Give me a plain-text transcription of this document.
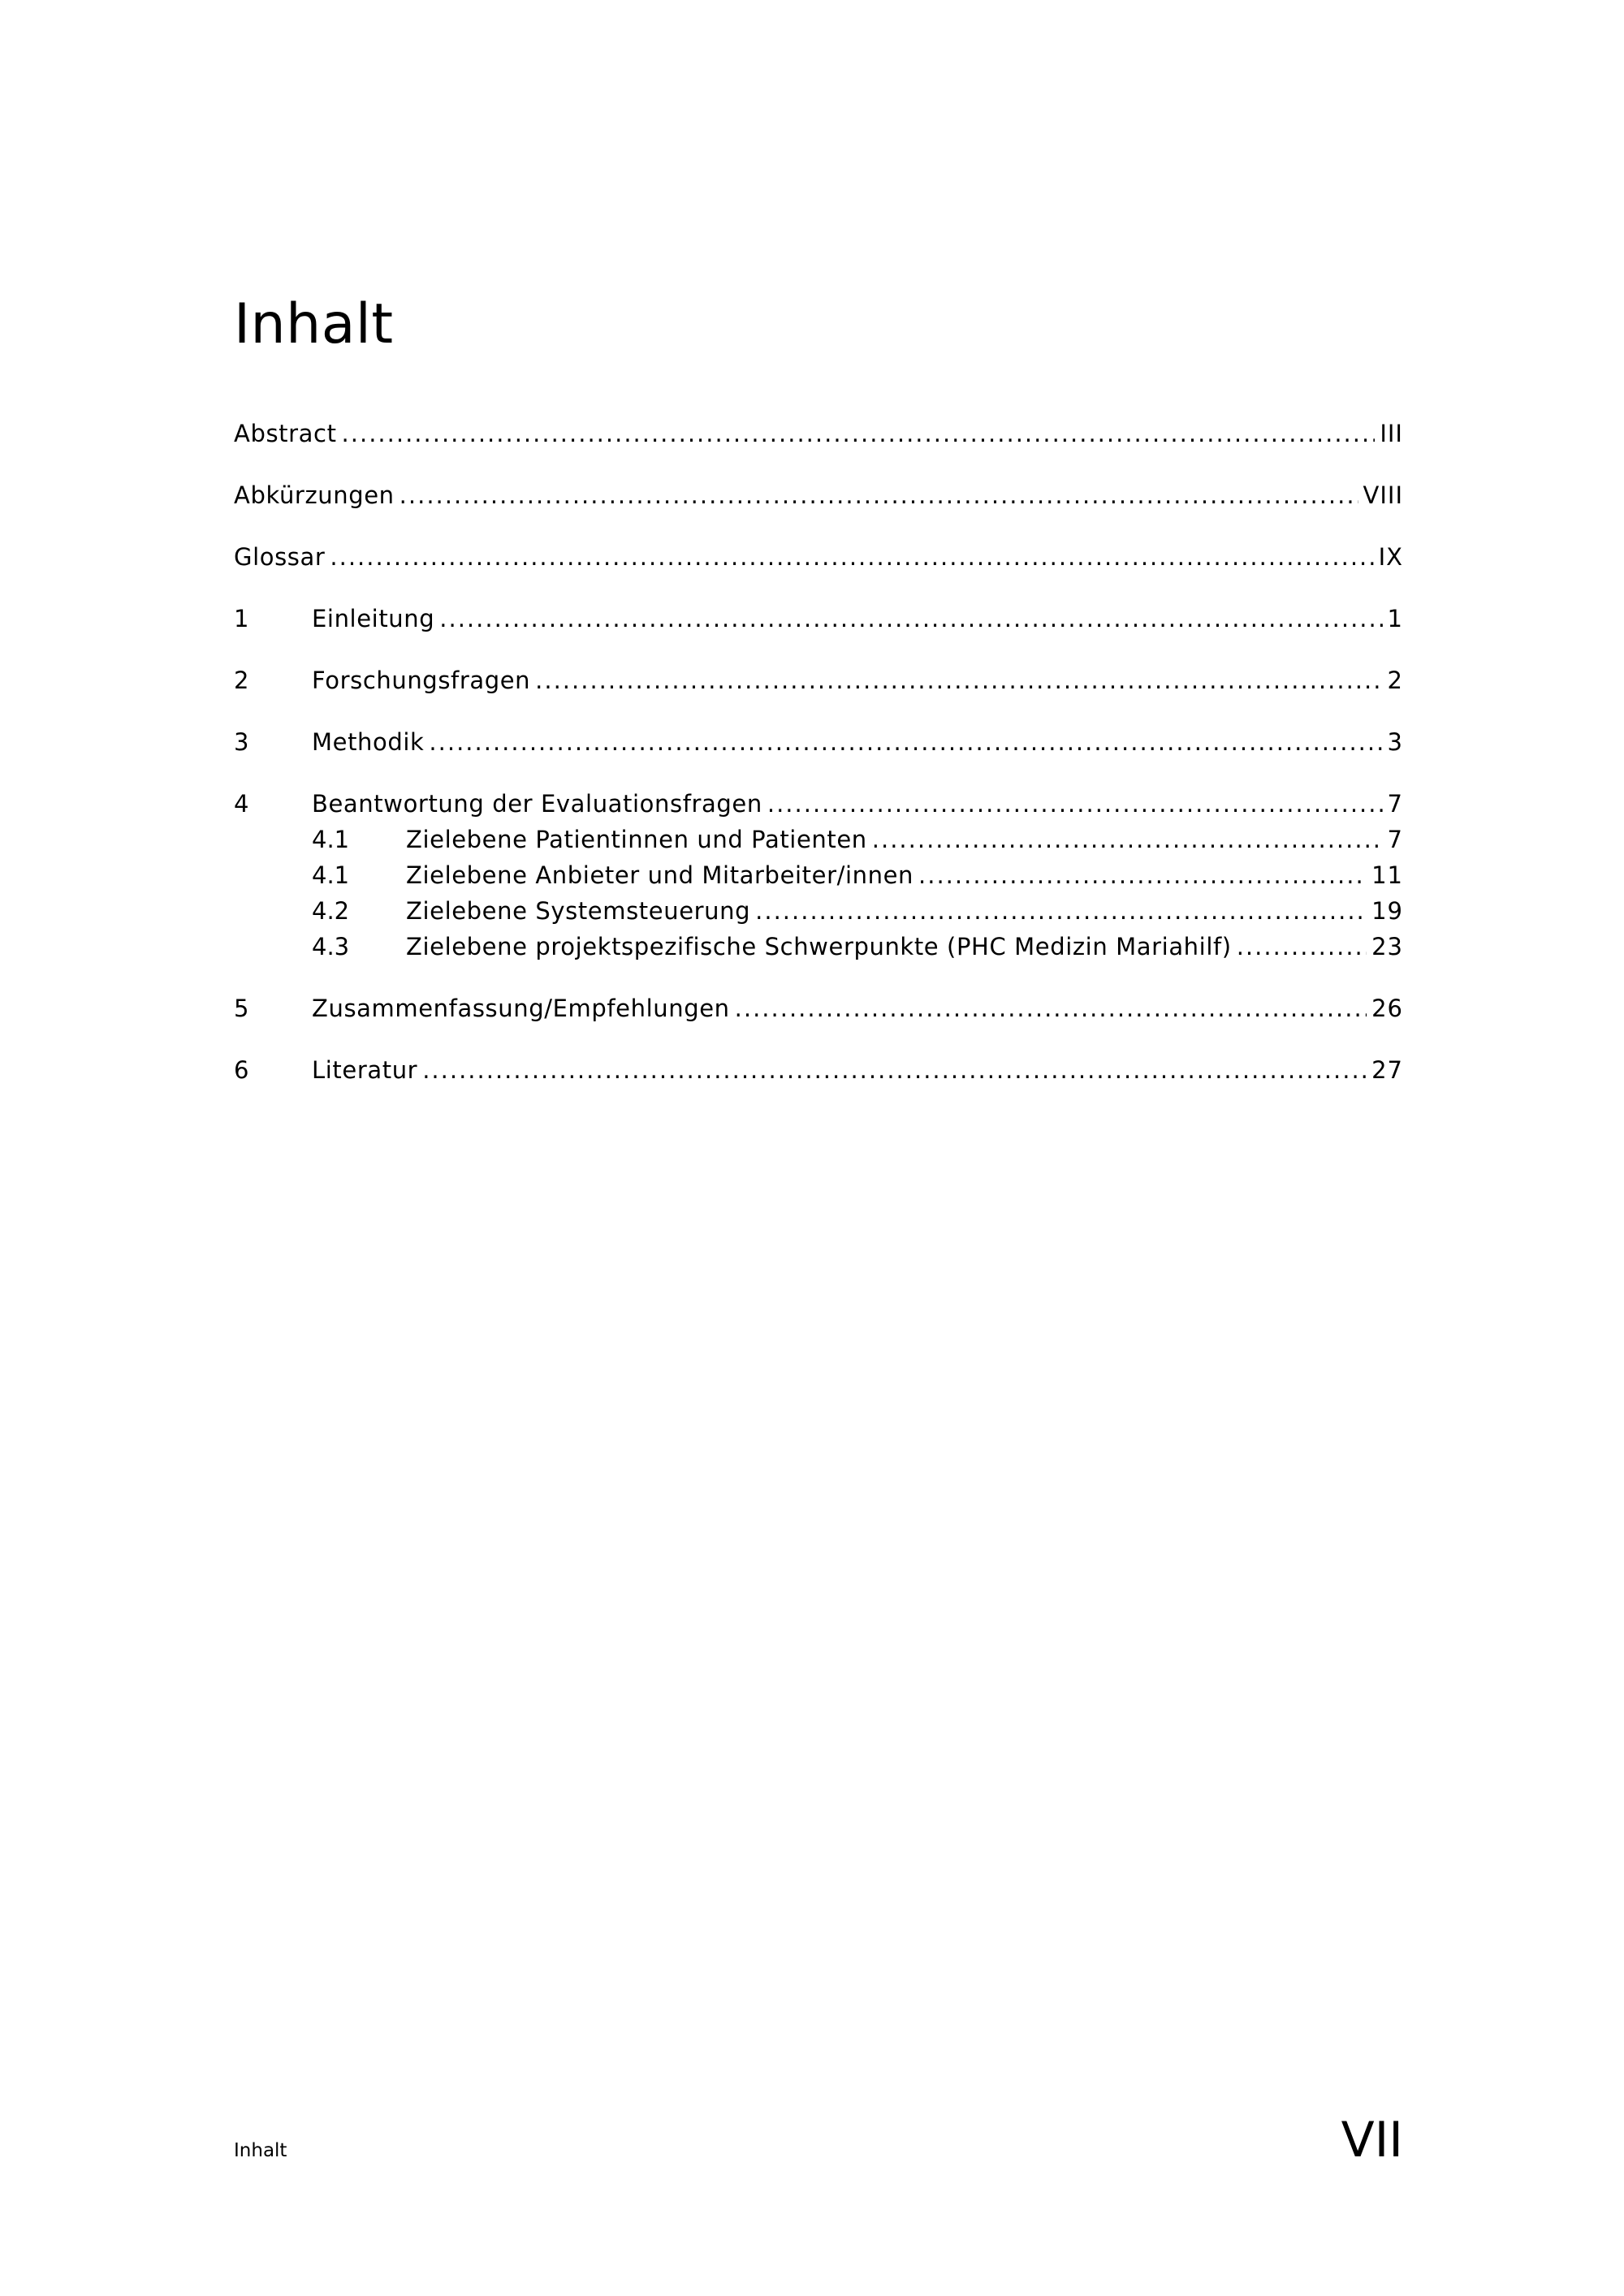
Inhalt
Abstract .....	III
Abkürzungen .....	VIII
Glossar .....	IX
1	Einleitung .....	1
2	Forschungsfragen .....	2
3	Methodik .....	3
4	Beantwortung der Evaluationsfragen .....	7
4.1	Zielebene Patientinnen und Patienten .....	7
4.1	Zielebene Anbieter und Mitarbeiter/innen .....	11
4.2	Zielebene Systemsteuerung .....	19
4.3	Zielebene projektspezifische Schwerpunkte (PHC Medizin Mariahilf) .....	23
5	Zusammenfassung/Empfehlungen .....	26
6	Literatur .....	27
Inhalt	VII
